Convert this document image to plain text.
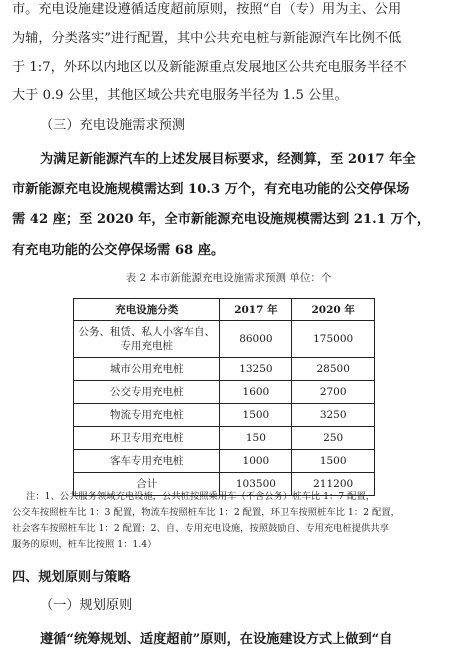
市。充电设施建设遵循适度超前原则，按照“自（专）用为主、公用
为辅，分类落实”进行配置，其中公共充电桩与新能源汽车比例不低
于 1:7，外环以内地区以及新能源重点发展地区公共充电服务半径不
大于 0.9 公里，其他区域公共充电服务半径为 1.5 公里。
（三）充电设施需求预测
为满足新能源汽车的上述发展目标要求，经测算，至 2017 年全
市新能源充电设施规模需达到 10.3 万个，有充电功能的公交停保场
需 42 座；至 2020 年，全市新能源充电设施规模需达到 21.1 万个，
有充电功能的公交停保场需 68 座。
表 2 本市新能源充电设施需求预测 单位：个
充电设施分类	2017 年	2020 年
公务、租赁、私人小客车自、专用充电桩	86000	175000
城市公用充电桩	13250	28500
公交专用充电桩	1600	2700
物流专用充电桩	1500	3250
环卫专用充电桩	150	250
客车专用充电桩	1000	1500
合计	103500	211200
注：1、公共服务领域充电设施，公共桩按照乘用车（不含公务）桩车比 1：7 配置，
公交车按照桩车比 1：3 配置，物流车按照桩车比 1：2 配置，环卫车按照桩车比 1：2 配置，
社会客车按照桩车比 1：2 配置；2、自、专用充电设施，按照鼓励自、专用充电桩提供共享
服务的原则，桩车比按照 1：1.4）
四、规划原则与策略
（一）规划原则
遵循“统筹规划、适度超前”原则，在设施建设方式上做到“自
